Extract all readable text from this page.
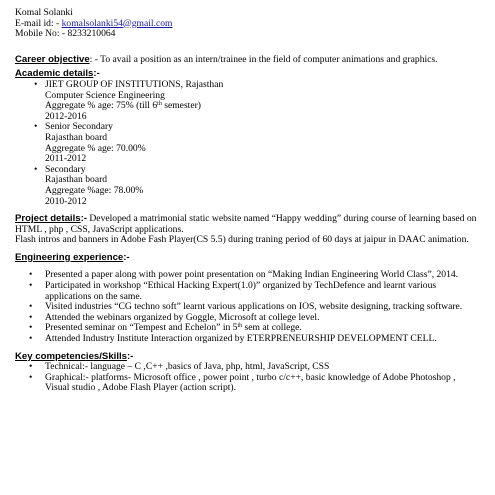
Komal Solanki
E-mail id: - komalsolanki54@gmail.com
Mobile No: - 8233210064
Career objective: - To avail a position as an intern/trainee in the field of computer animations and graphics.
Academic details:-
• JIET GROUP OF INSTITUTIONS, Rajasthan
Computer Science Engineering
Aggregate % age: 75% (till 6th semester)
2012-2016
• Senior Secondary
Rajasthan board
Aggregate % age: 70.00%
2011-2012
• Secondary
Rajasthan board
Aggregate %age: 78.00%
2010-2012
Project details:- Developed a matrimonial static website named “Happy wedding” during course of learning based on HTML , php , CSS, JavaScript applications.
Flash intros and banners in Adobe Fash Player(CS 5.5) during traning period of 60 days at jaipur in DAAC animation.
Engineering experience:-
• Presented a paper along with power point presentation on “Making Indian Engineering World Class”, 2014.
• Participated in workshop “Ethical Hacking Expert(1.0)” organized by TechDefence and learnt various applications on the same.
• Visited industries “CG techno soft” learnt various applications on IOS, website designing, tracking software.
• Attended the webinars organized by Goggle, Microsoft at college level.
• Presented seminar on “Tempest and Echelon” in 5th sem at college.
• Attended Industry Institute Interaction organized by ETERPRENEURSHIP DEVELOPMENT CELL.
Key competencies/Skills:-
• Technical:- language – C ,C++ ,basics of Java, php, html, JavaScript, CSS
• Graphical:- platforms- Microsoft office , power point , turbo c/c++, basic knowledge of Adobe Photoshop , Visual studio , Adobe Flash Player (action script).
